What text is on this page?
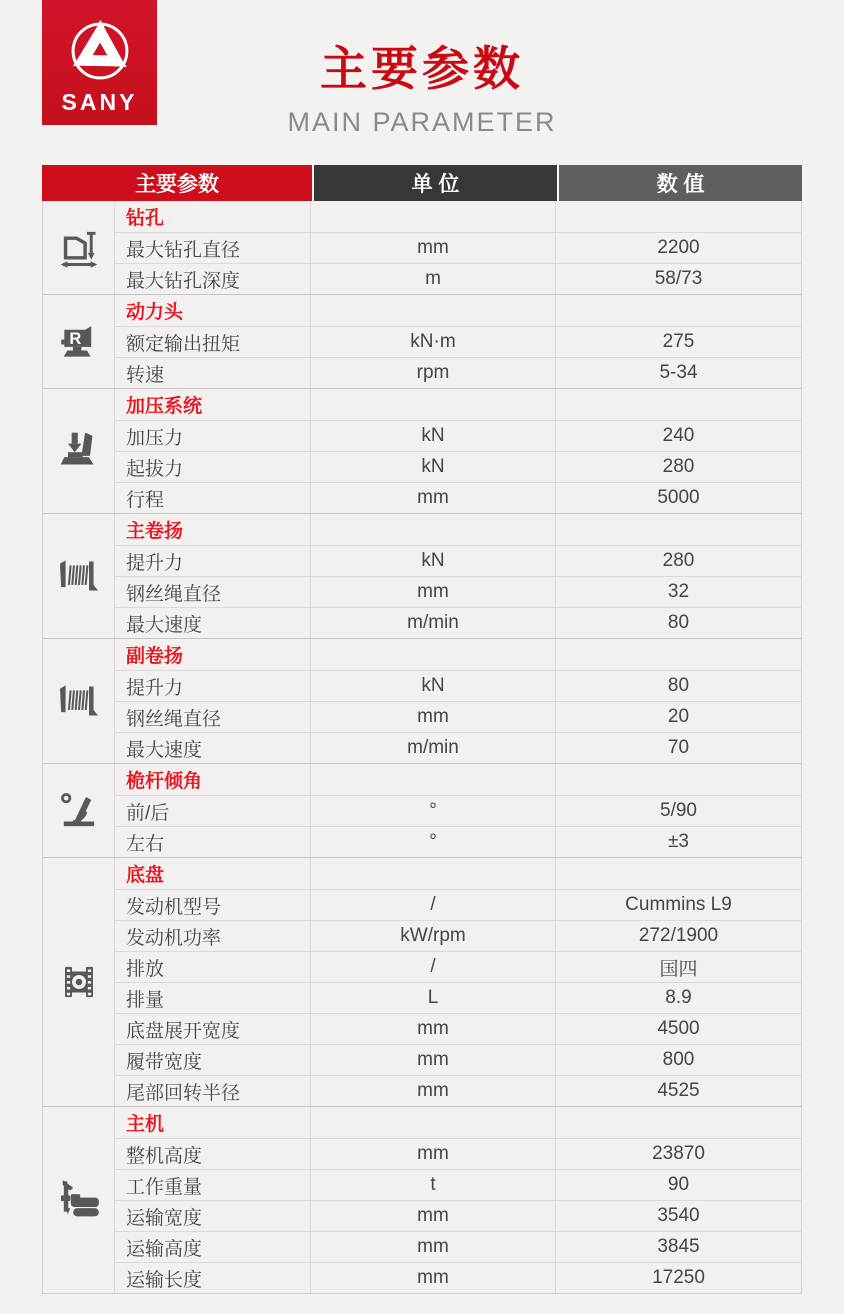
主要参数
MAIN PARAMETER
SANY
主要参数	单 位	数 值
钻孔
最大钻孔直径	mm	2200
最大钻孔深度	m	58/73
R
动力头
额定输出扭矩	kN·m	275
转速	rpm	5-34
加压系统
加压力	kN	240
起拔力	kN	280
行程	mm	5000
主卷扬
提升力	kN	280
钢丝绳直径	mm	32
最大速度	m/min	80
副卷扬
提升力	kN	80
钢丝绳直径	mm	20
最大速度	m/min	70
桅杆倾角
前/后	°	5/90
左右	°	±3
底盘
发动机型号	/	Cummins L9
发动机功率	kW/rpm	272/1900
排放	/	国四
排量	L	8.9
底盘展开宽度	mm	4500
履带宽度	mm	800
尾部回转半径	mm	4525
主机
整机高度	mm	23870
工作重量	t	90
运输宽度	mm	3540
运输高度	mm	3845
运输长度	mm	17250
